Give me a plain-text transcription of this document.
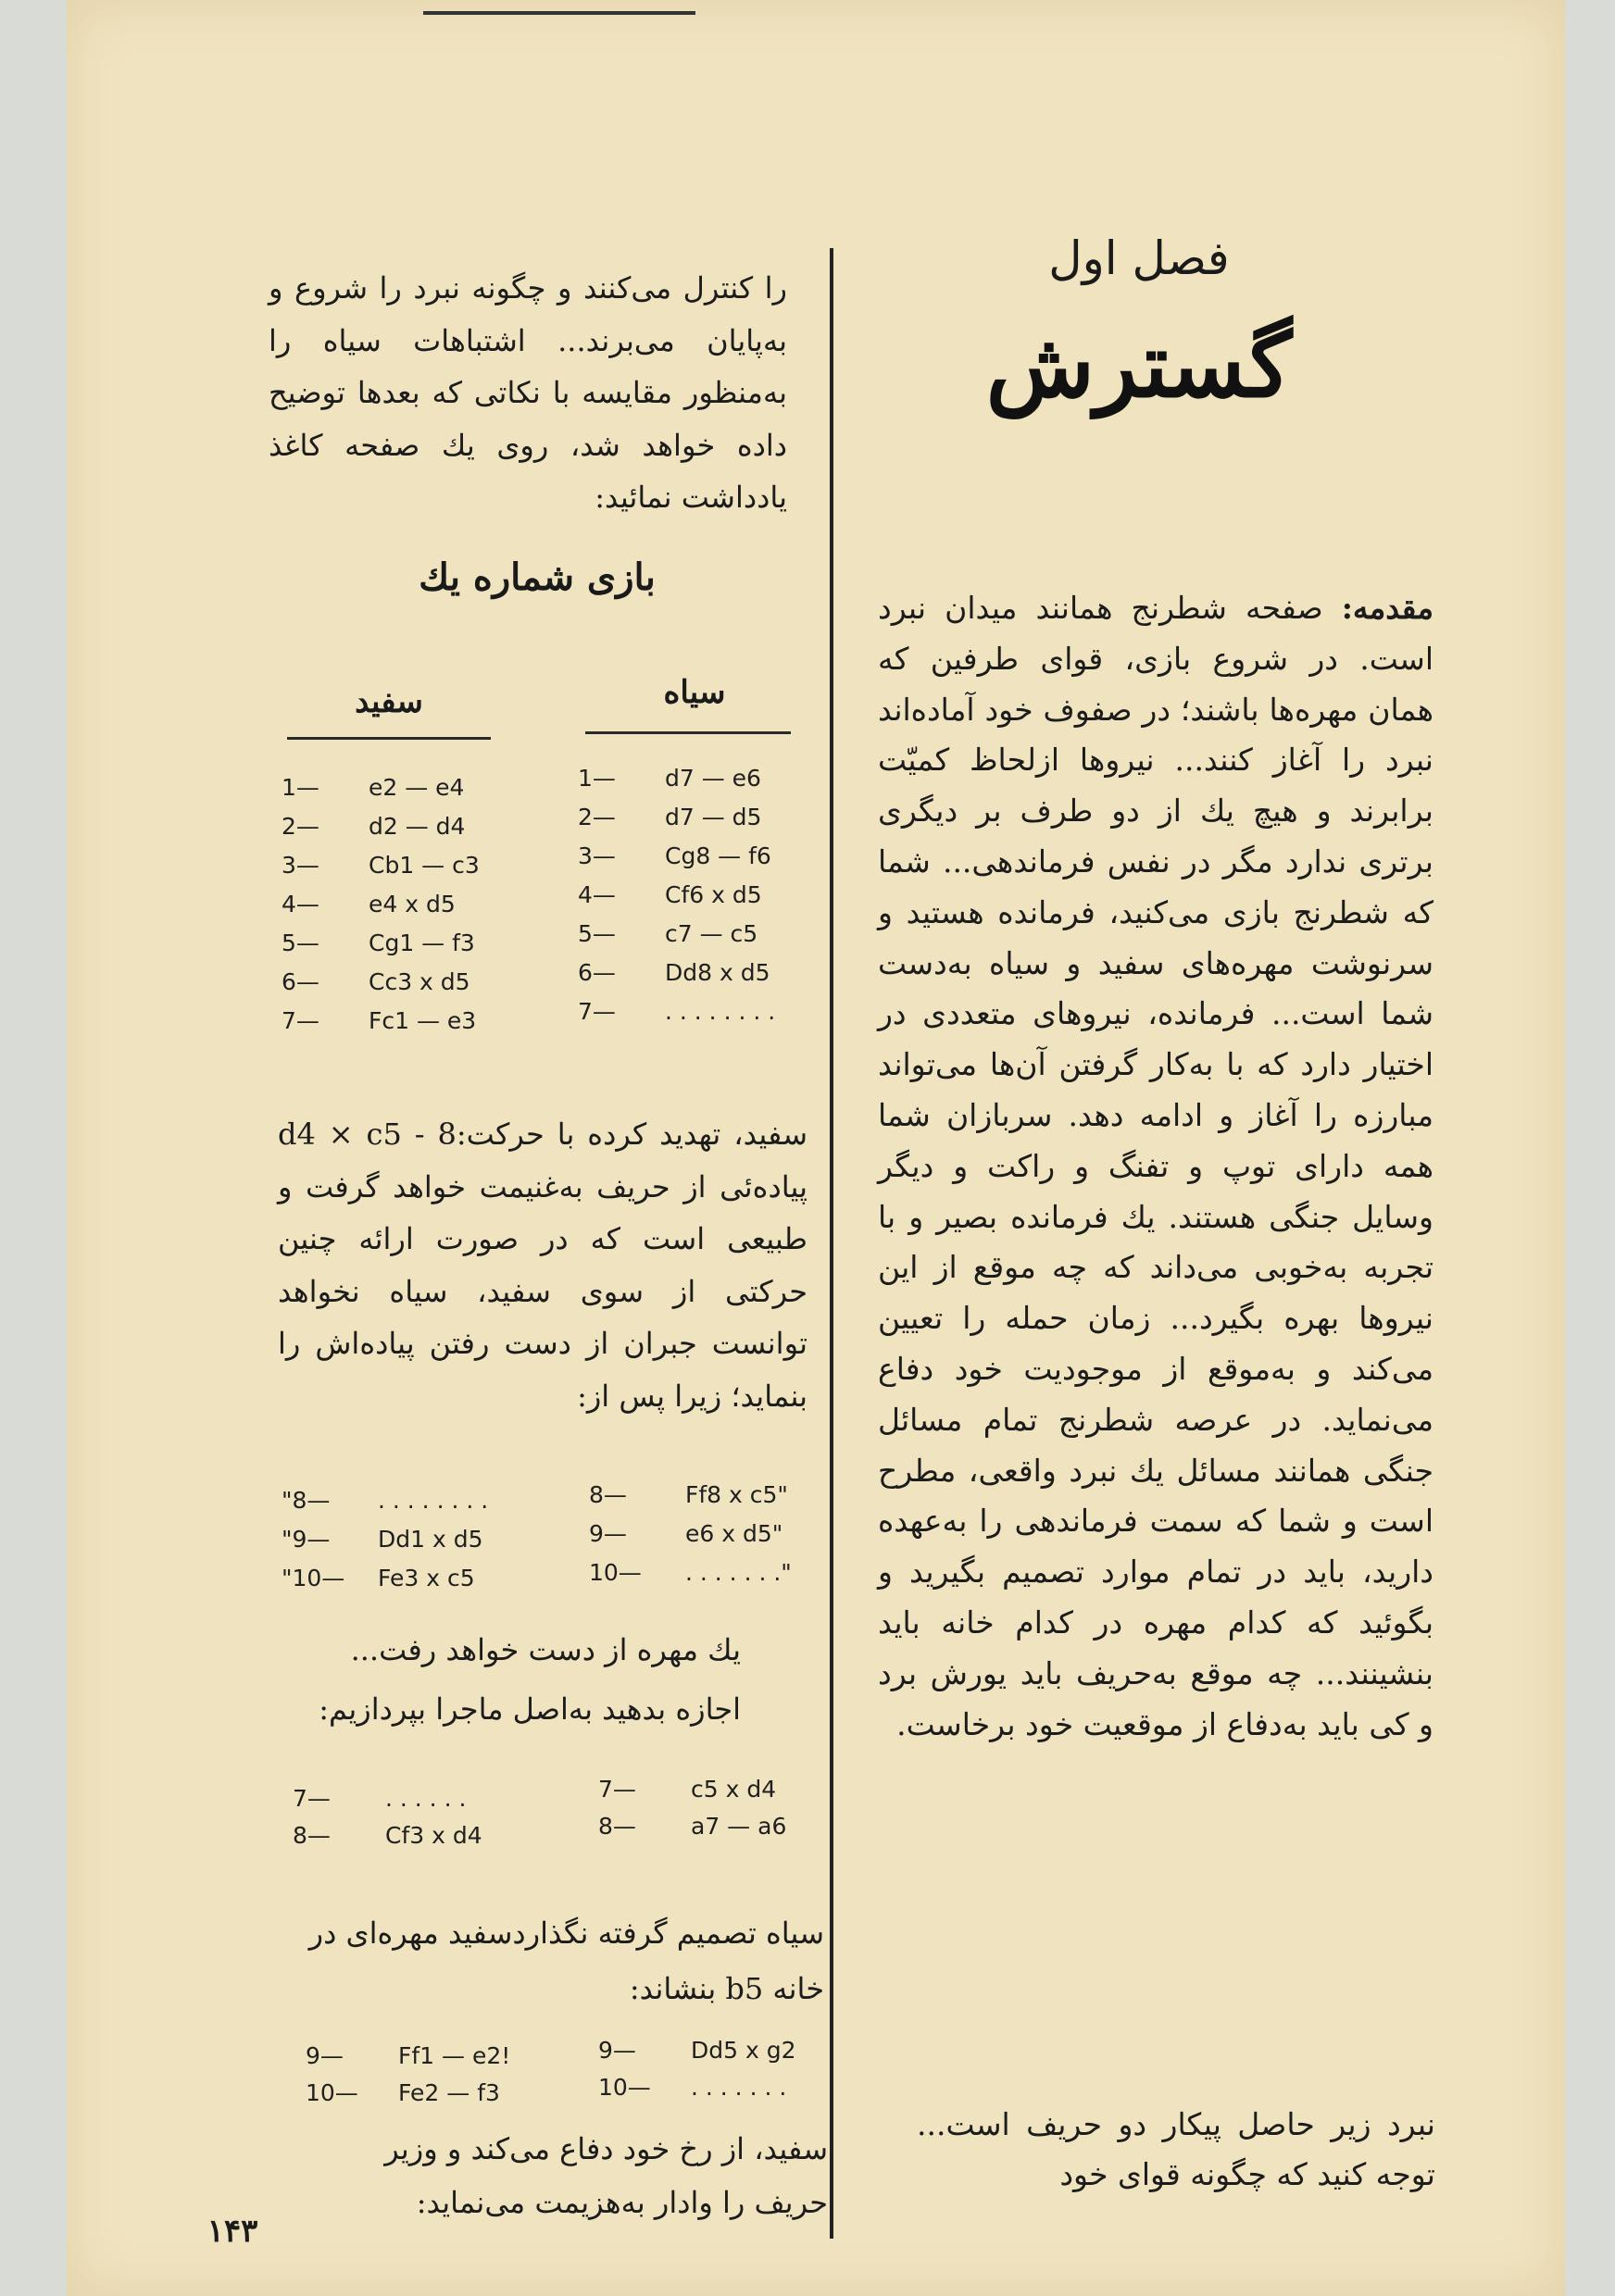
فصل اول
گسترش
مقدمه: صفحه شطرنج همانند میدان نبرد است. در شروع بازی، قوای طرفین که همان مهره‌ها باشند؛ در صفوف خود آماده‌اند نبرد را آغاز کنند... نیروها ازلحاظ کمیّت برابرند و هیچ یك از دو طرف بر دیگری برتری ندارد مگر در نفس فرماندهی... شما که شطرنج بازی می‌کنید، فرمانده هستید و سرنوشت مهره‌های سفید و سیاه به‌دست شما است... فرمانده، نیروهای متعددی در اختیار دارد که با به‌کار گرفتن آن‌ها می‌تواند مبارزه را آغاز و ادامه دهد. سربازان شما همه دارای توپ و تفنگ و راکت و دیگر وسایل جنگی هستند. یك فرمانده بصیر و با تجربه به‌خوبی می‌داند که چه موقع از این نیروها بهره بگیرد... زمان حمله را تعیین می‌کند و به‌موقع از موجودیت خود دفاع می‌نماید. در عرصه شطرنج تمام مسائل جنگی همانند مسائل یك نبرد واقعی، مطرح است و شما که سمت فرماندهی را به‌عهده دارید، باید در تمام موارد تصمیم بگیرید و بگوئید که کدام مهره در کدام خانه باید بنشینند... چه موقع به‌حریف باید یورش برد و کی باید به‌دفاع از موقعیت خود برخاست.
نبرد زیر حاصل پیکار دو حریف است... توجه کنید که چگونه قوای خود
را کنترل می‌کنند و چگونه نبرد را شروع و به‌پایان می‌برند... اشتباهات سیاه را به‌منظور مقایسه با نکاتی که بعدها توضیح داده خواهد شد، روی یك صفحه کاغذ یادداشت نمائید:
بازی شماره یك
سیاه
سفید
1—	d7 — e6
2—	d7 — d5
3—	Cg8 — f6
4—	Cf6 x d5
5—	c7 — c5
6—	Dd8 x d5
7—	. . . . . . . .
1—	e2 — e4
2—	d2 — d4
3—	Cb1 — c3
4—	e4 x d5
5—	Cg1 — f3
6—	Cc3 x d5
7—	Fc1 — e3
سفید، تهدید کرده با حرکت:8 - d4 × c5 پیاده‌ئی از حریف به‌غنیمت خواهد گرفت و طبیعی است که در صورت ارائه چنین حرکتی از سوی سفید، سیاه نخواهد توانست جبران از دست رفتن پیاده‌اش را بنماید؛ زیرا پس از:
8—	Ff8 x c5"
9—	e6 x d5"
10—	. . . . . . ."
"8—	. . . . . . . .
"9—	Dd1 x d5
"10—	Fe3 x c5
یك مهره از دست خواهد رفت... اجازه بدهید به‌اصل ماجرا بپردازیم:
7—	c5 x d4
8—	a7 — a6
7—	. . . . . .
8—	Cf3 x d4
سیاه تصمیم گرفته نگذاردسفید مهره‌ای در خانه b5 بنشاند:
9—	Dd5 x g2
10—	. . . . . . .
9—	Ff1 — e2!
10—	Fe2 — f3
سفید، از رخ خود دفاع می‌کند و وزیر حریف را وادار به‌هزیمت می‌نماید:
۱۴۳
